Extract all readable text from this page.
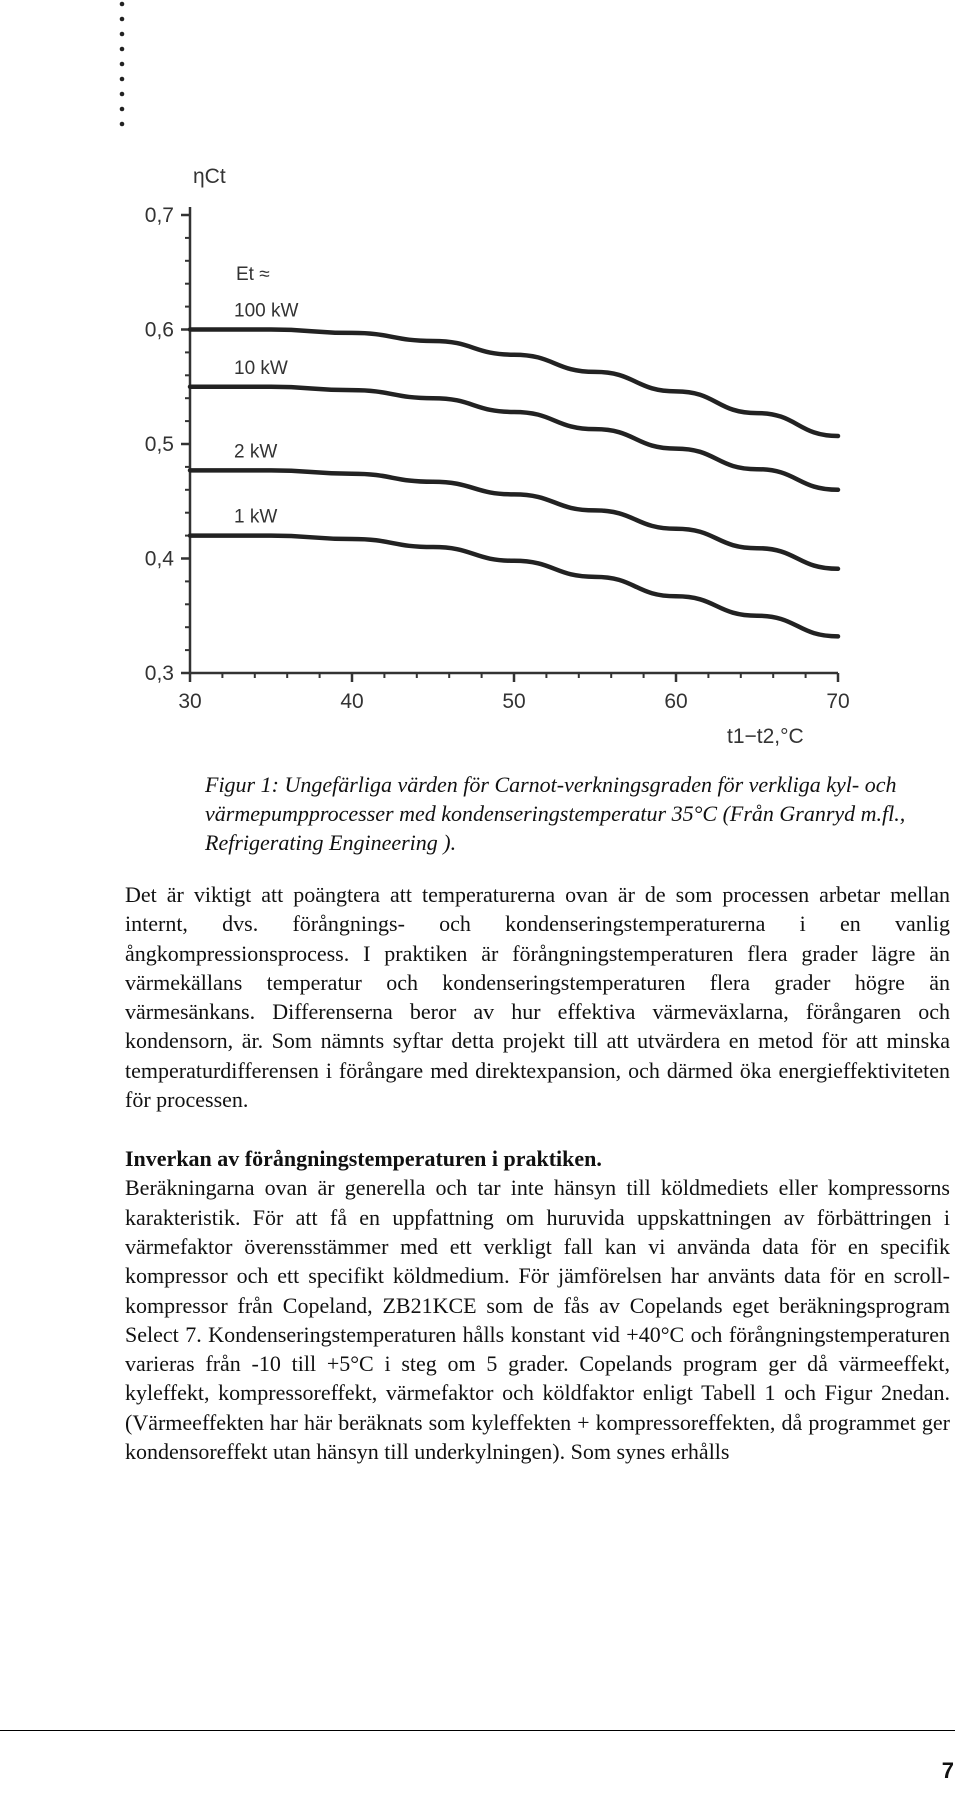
ηCt
t1−t2,°C
Et ≈
0,3
0,4
0,5
0,6
0,7
30	40	50	60	70
100 kW
10 kW
2 kW
1 kW

Figur 1: Ungefärliga värden för Carnot-verkningsgraden för verkliga kyl- och värmepumpprocesser med kondenseringstemperatur 35°C (Från Granryd m.fl., Refrigerating Engineering ).

Det är viktigt att poängtera att temperaturerna ovan är de som processen arbetar mellan internt, dvs. förångnings- och kondenseringstemperaturerna i en vanlig ångkompressionsprocess. I praktiken är förångningstemperaturen flera grader lägre än värmekällans temperatur och kondenseringstemperaturen flera grader högre än värmesänkans. Differenserna beror av hur effektiva värmeväxlarna, förångaren och kondensorn, är. Som nämnts syftar detta projekt till att utvärdera en metod för att minska temperaturdifferensen i förångare med direktexpansion, och därmed öka energieffektiviteten för processen.

Inverkan av förångningstemperaturen i praktiken.

Beräkningarna ovan är generella och tar inte hänsyn till köldmediets eller kompressorns karakteristik. För att få en uppfattning om huruvida uppskattningen av förbättringen i värmefaktor överensstämmer med ett verkligt fall kan vi använda data för en specifik kompressor och ett specifikt köldmedium. För jämförelsen har använts data för en scroll-kompressor från Copeland, ZB21KCE som de fås av Copelands eget beräkningsprogram Select 7. Kondenseringstemperaturen hålls konstant vid +40°C och förångningstemperaturen varieras från -10 till +5°C i steg om 5 grader. Copelands program ger då värmeeffekt, kyleffekt, kompressoreffekt, värmefaktor och köldfaktor enligt Tabell 1 och Figur 2nedan. (Värmeeffekten har här beräknats som kyleffekten + kompressoreffekten, då programmet ger kondensoreffekt utan hänsyn till underkylningen). Som synes erhålls

7
